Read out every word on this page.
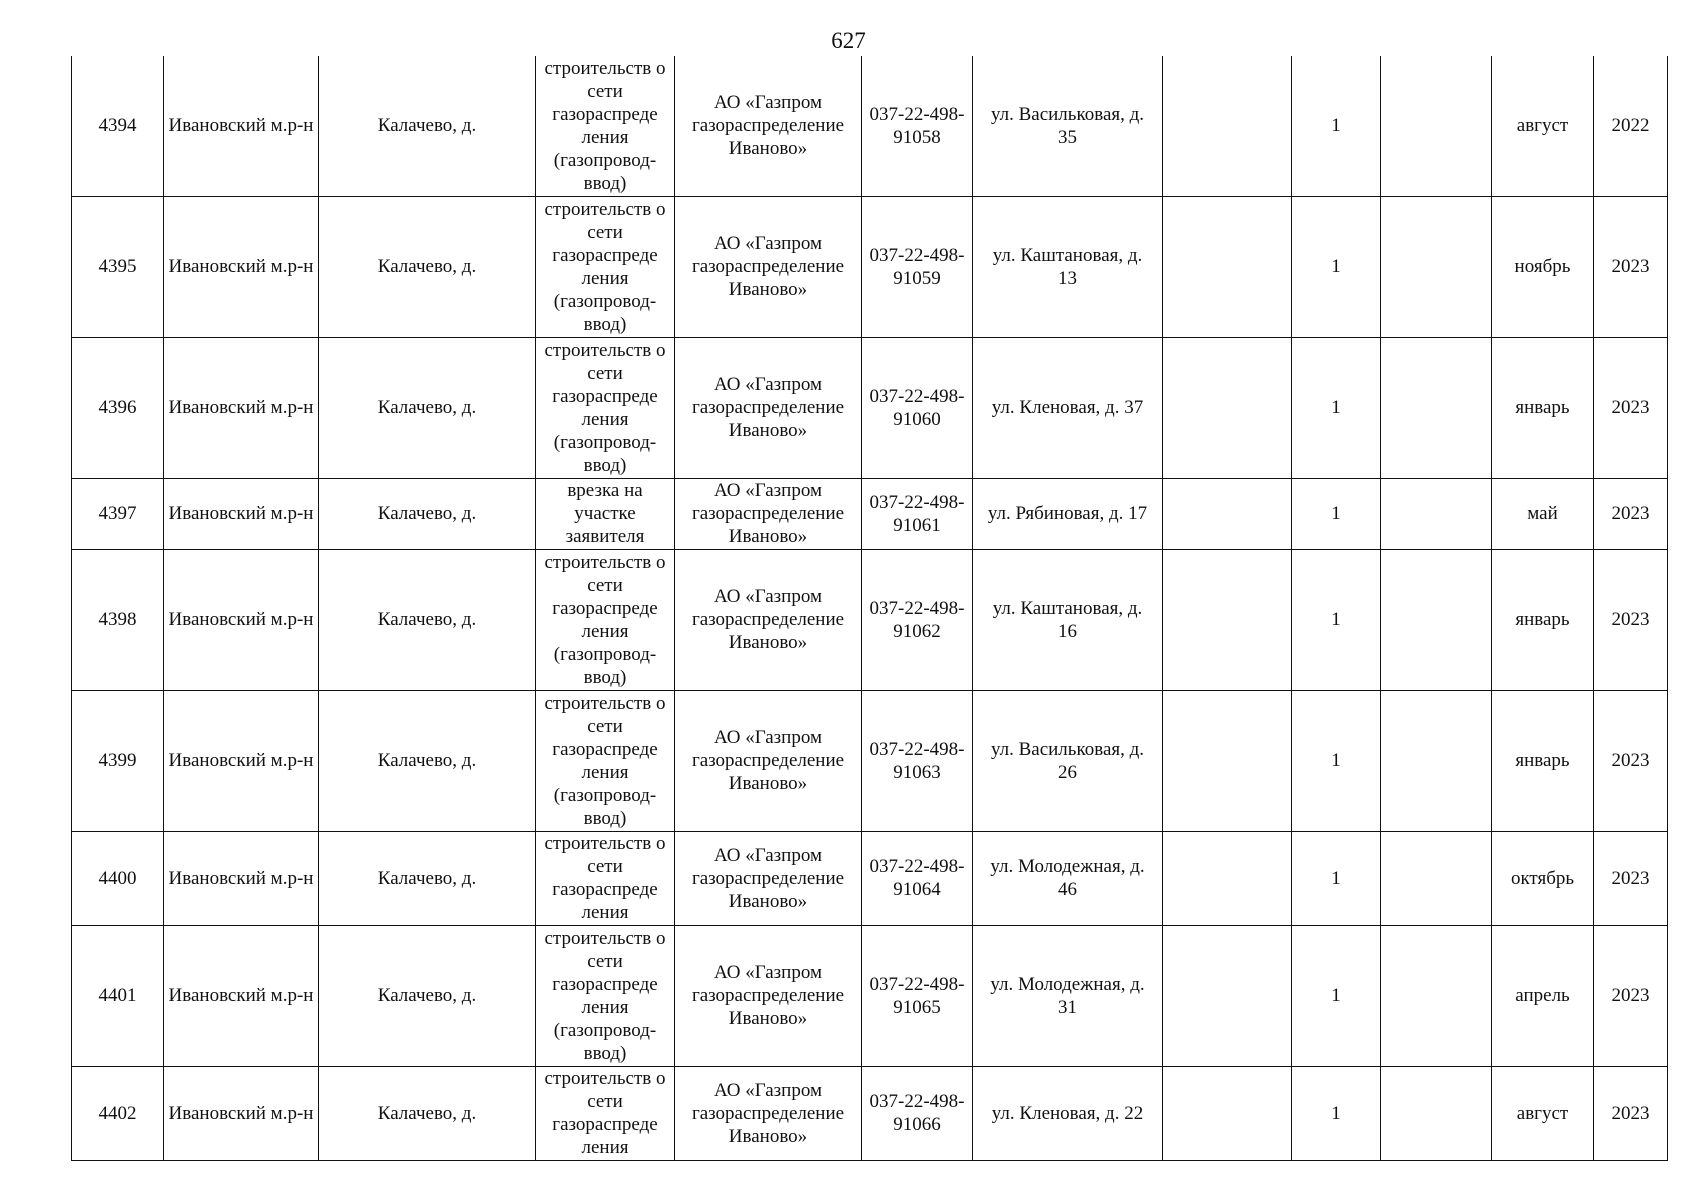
627
4394	Ивановский м.р-н	Калачево, д.	строительств о сети газораспреде ления (газопровод-ввод)	АО «Газпром газораспределение Иваново»	037-22-498-91058	ул. Васильковая, д. 35		1		август	2022
4395	Ивановский м.р-н	Калачево, д.	строительств о сети газораспреде ления (газопровод-ввод)	АО «Газпром газораспределение Иваново»	037-22-498-91059	ул. Каштановая, д. 13		1		ноябрь	2023
4396	Ивановский м.р-н	Калачево, д.	строительств о сети газораспреде ления (газопровод-ввод)	АО «Газпром газораспределение Иваново»	037-22-498-91060	ул. Кленовая, д. 37		1		январь	2023
4397	Ивановский м.р-н	Калачево, д.	врезка на участке заявителя	АО «Газпром газораспределение Иваново»	037-22-498-91061	ул. Рябиновая, д. 17		1		май	2023
4398	Ивановский м.р-н	Калачево, д.	строительств о сети газораспреде ления (газопровод-ввод)	АО «Газпром газораспределение Иваново»	037-22-498-91062	ул. Каштановая, д. 16		1		январь	2023
4399	Ивановский м.р-н	Калачево, д.	строительств о сети газораспреде ления (газопровод-ввод)	АО «Газпром газораспределение Иваново»	037-22-498-91063	ул. Васильковая, д. 26		1		январь	2023
4400	Ивановский м.р-н	Калачево, д.	строительств о сети газораспреде ления	АО «Газпром газораспределение Иваново»	037-22-498-91064	ул. Молодежная, д. 46		1		октябрь	2023
4401	Ивановский м.р-н	Калачево, д.	строительств о сети газораспреде ления (газопровод-ввод)	АО «Газпром газораспределение Иваново»	037-22-498-91065	ул. Молодежная, д. 31		1		апрель	2023
4402	Ивановский м.р-н	Калачево, д.	строительств о сети газораспреде ления	АО «Газпром газораспределение Иваново»	037-22-498-91066	ул. Кленовая, д. 22		1		август	2023
